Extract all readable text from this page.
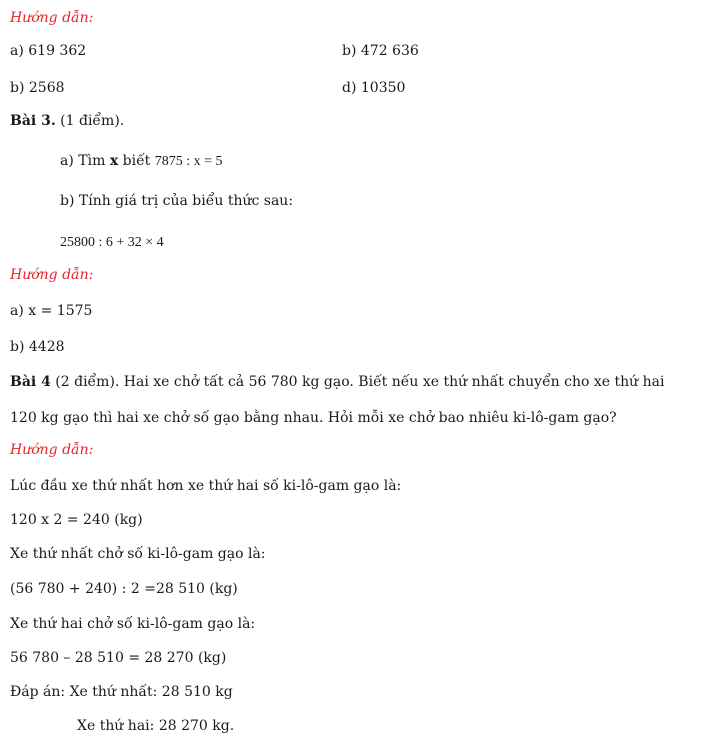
Hướng dẫn:
a) 619 362	b) 472 636
b) 2568	d) 10350
Bài 3. (1 điểm).
a) Tìm x biết 7875 : x = 5
b) Tính giá trị của biểu thức sau:
25800 : 6 + 32 × 4
Hướng dẫn:
a) x = 1575
b) 4428
Bài 4 (2 điểm). Hai xe chở tất cả 56 780 kg gạo. Biết nếu xe thứ nhất chuyển cho xe thứ hai
120 kg gạo thì hai xe chở số gạo bằng nhau. Hỏi mỗi xe chở bao nhiêu ki-lô-gam gạo?
Hướng dẫn:
Lúc đầu xe thứ nhất hơn xe thứ hai số ki-lô-gam gạo là:
120 x 2 = 240 (kg)
Xe thứ nhất chở số ki-lô-gam gạo là:
(56 780 + 240) : 2 =28 510 (kg)
Xe thứ hai chở số ki-lô-gam gạo là:
56 780 – 28 510 = 28 270 (kg)
Đáp án: Xe thứ nhất: 28 510 kg
Xe thứ hai: 28 270 kg.
